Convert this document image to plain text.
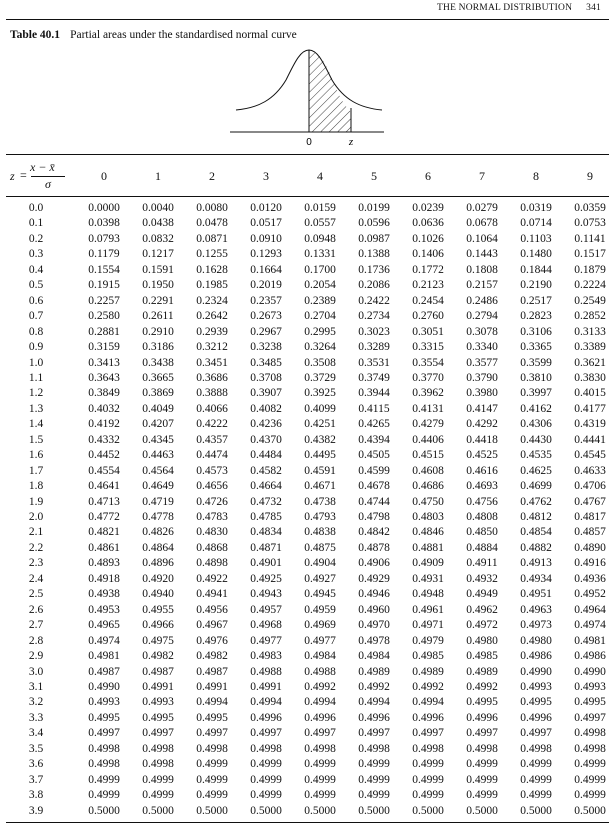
THE NORMAL DISTRIBUTION 341
Table 40.1 Partial areas under the standardised normal curve
0	z
z =
x − x̄
σ
0	1	2	3	4	5	6	7	8	9
0.0	0.0000	0.0040	0.0080	0.0120	0.0159	0.0199	0.0239	0.0279	0.0319	0.0359
0.1	0.0398	0.0438	0.0478	0.0517	0.0557	0.0596	0.0636	0.0678	0.0714	0.0753
0.2	0.0793	0.0832	0.0871	0.0910	0.0948	0.0987	0.1026	0.1064	0.1103	0.1141
0.3	0.1179	0.1217	0.1255	0.1293	0.1331	0.1388	0.1406	0.1443	0.1480	0.1517
0.4	0.1554	0.1591	0.1628	0.1664	0.1700	0.1736	0.1772	0.1808	0.1844	0.1879
0.5	0.1915	0.1950	0.1985	0.2019	0.2054	0.2086	0.2123	0.2157	0.2190	0.2224
0.6	0.2257	0.2291	0.2324	0.2357	0.2389	0.2422	0.2454	0.2486	0.2517	0.2549
0.7	0.2580	0.2611	0.2642	0.2673	0.2704	0.2734	0.2760	0.2794	0.2823	0.2852
0.8	0.2881	0.2910	0.2939	0.2967	0.2995	0.3023	0.3051	0.3078	0.3106	0.3133
0.9	0.3159	0.3186	0.3212	0.3238	0.3264	0.3289	0.3315	0.3340	0.3365	0.3389
1.0	0.3413	0.3438	0.3451	0.3485	0.3508	0.3531	0.3554	0.3577	0.3599	0.3621
1.1	0.3643	0.3665	0.3686	0.3708	0.3729	0.3749	0.3770	0.3790	0.3810	0.3830
1.2	0.3849	0.3869	0.3888	0.3907	0.3925	0.3944	0.3962	0.3980	0.3997	0.4015
1.3	0.4032	0.4049	0.4066	0.4082	0.4099	0.4115	0.4131	0.4147	0.4162	0.4177
1.4	0.4192	0.4207	0.4222	0.4236	0.4251	0.4265	0.4279	0.4292	0.4306	0.4319
1.5	0.4332	0.4345	0.4357	0.4370	0.4382	0.4394	0.4406	0.4418	0.4430	0.4441
1.6	0.4452	0.4463	0.4474	0.4484	0.4495	0.4505	0.4515	0.4525	0.4535	0.4545
1.7	0.4554	0.4564	0.4573	0.4582	0.4591	0.4599	0.4608	0.4616	0.4625	0.4633
1.8	0.4641	0.4649	0.4656	0.4664	0.4671	0.4678	0.4686	0.4693	0.4699	0.4706
1.9	0.4713	0.4719	0.4726	0.4732	0.4738	0.4744	0.4750	0.4756	0.4762	0.4767
2.0	0.4772	0.4778	0.4783	0.4785	0.4793	0.4798	0.4803	0.4808	0.4812	0.4817
2.1	0.4821	0.4826	0.4830	0.4834	0.4838	0.4842	0.4846	0.4850	0.4854	0.4857
2.2	0.4861	0.4864	0.4868	0.4871	0.4875	0.4878	0.4881	0.4884	0.4882	0.4890
2.3	0.4893	0.4896	0.4898	0.4901	0.4904	0.4906	0.4909	0.4911	0.4913	0.4916
2.4	0.4918	0.4920	0.4922	0.4925	0.4927	0.4929	0.4931	0.4932	0.4934	0.4936
2.5	0.4938	0.4940	0.4941	0.4943	0.4945	0.4946	0.4948	0.4949	0.4951	0.4952
2.6	0.4953	0.4955	0.4956	0.4957	0.4959	0.4960	0.4961	0.4962	0.4963	0.4964
2.7	0.4965	0.4966	0.4967	0.4968	0.4969	0.4970	0.4971	0.4972	0.4973	0.4974
2.8	0.4974	0.4975	0.4976	0.4977	0.4977	0.4978	0.4979	0.4980	0.4980	0.4981
2.9	0.4981	0.4982	0.4982	0.4983	0.4984	0.4984	0.4985	0.4985	0.4986	0.4986
3.0	0.4987	0.4987	0.4987	0.4988	0.4988	0.4989	0.4989	0.4989	0.4990	0.4990
3.1	0.4990	0.4991	0.4991	0.4991	0.4992	0.4992	0.4992	0.4992	0.4993	0.4993
3.2	0.4993	0.4993	0.4994	0.4994	0.4994	0.4994	0.4994	0.4995	0.4995	0.4995
3.3	0.4995	0.4995	0.4995	0.4996	0.4996	0.4996	0.4996	0.4996	0.4996	0.4997
3.4	0.4997	0.4997	0.4997	0.4997	0.4997	0.4997	0.4997	0.4997	0.4997	0.4998
3.5	0.4998	0.4998	0.4998	0.4998	0.4998	0.4998	0.4998	0.4998	0.4998	0.4998
3.6	0.4998	0.4998	0.4999	0.4999	0.4999	0.4999	0.4999	0.4999	0.4999	0.4999
3.7	0.4999	0.4999	0.4999	0.4999	0.4999	0.4999	0.4999	0.4999	0.4999	0.4999
3.8	0.4999	0.4999	0.4999	0.4999	0.4999	0.4999	0.4999	0.4999	0.4999	0.4999
3.9	0.5000	0.5000	0.5000	0.5000	0.5000	0.5000	0.5000	0.5000	0.5000	0.5000
